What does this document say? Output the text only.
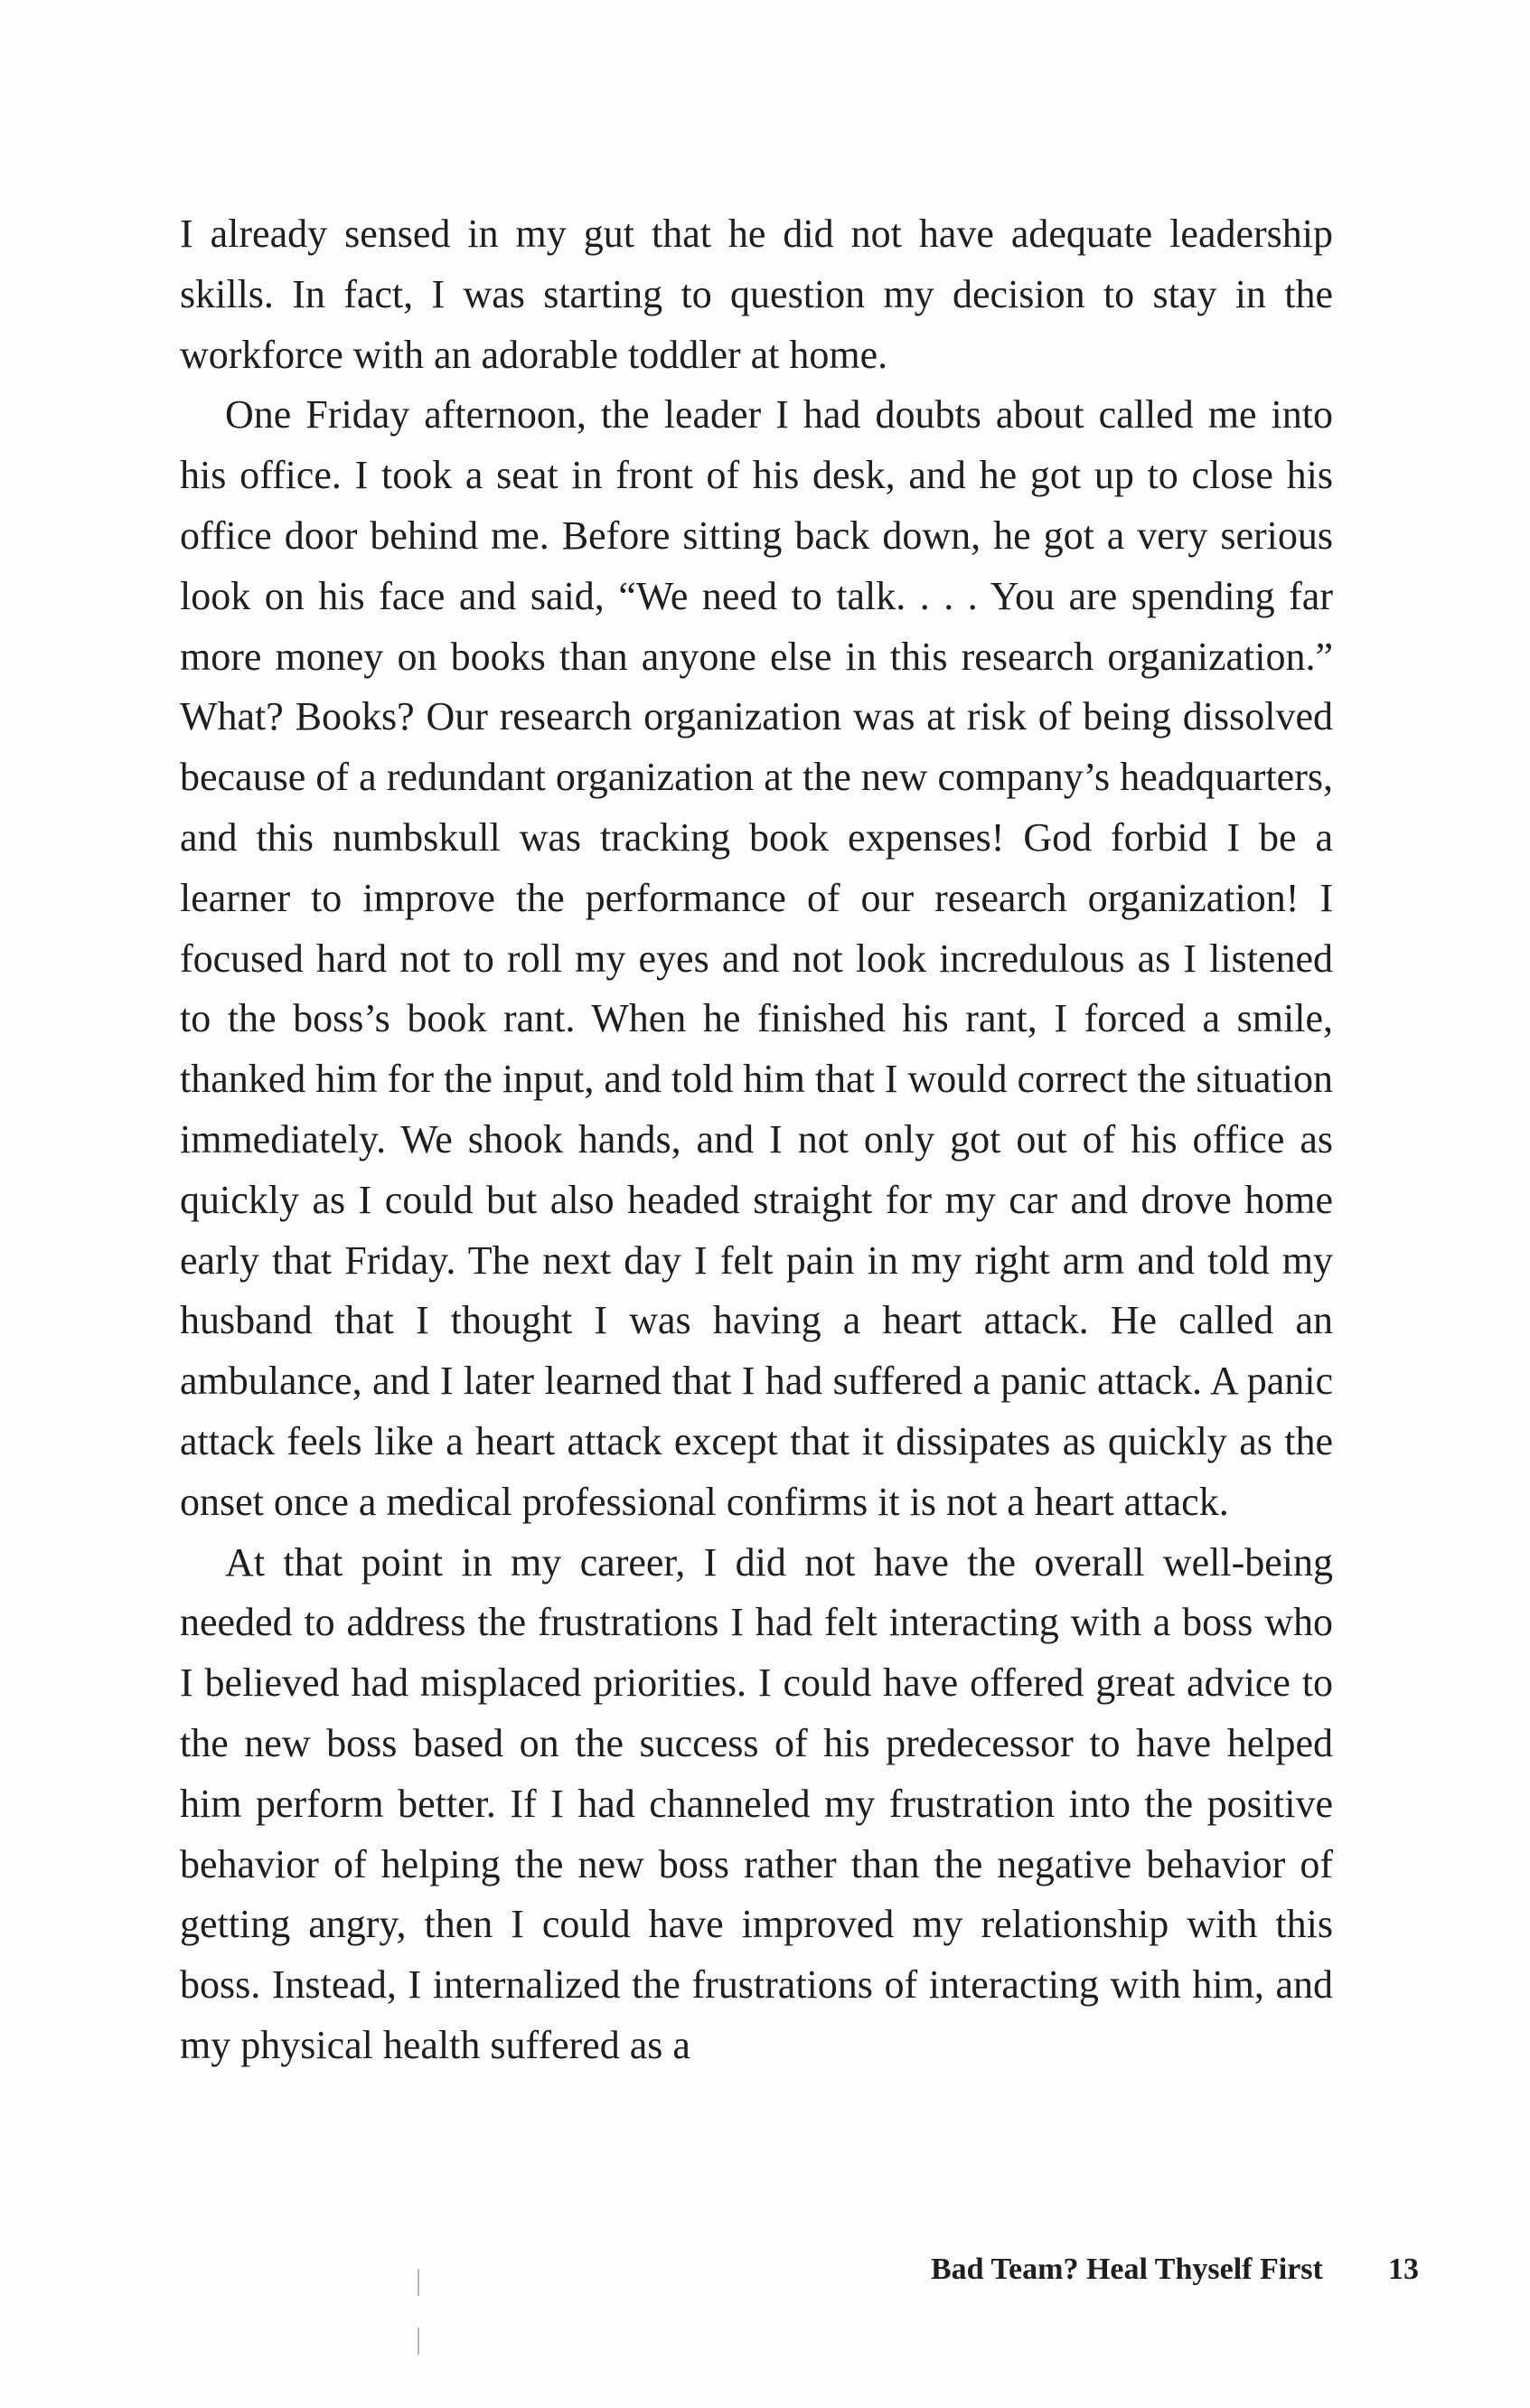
I already sensed in my gut that he did not have adequate leadership skills. In fact, I was starting to question my decision to stay in the workforce with an adorable toddler at home.

One Friday afternoon, the leader I had doubts about called me into his office. I took a seat in front of his desk, and he got up to close his office door behind me. Before sitting back down, he got a very serious look on his face and said, “We need to talk. . . . You are spending far more money on books than anyone else in this research organization.” What? Books? Our research organization was at risk of being dissolved because of a redundant organization at the new company’s headquarters, and this numbskull was tracking book expenses! God forbid I be a learner to improve the performance of our research organization! I focused hard not to roll my eyes and not look incredulous as I listened to the boss’s book rant. When he finished his rant, I forced a smile, thanked him for the input, and told him that I would correct the situation immediately. We shook hands, and I not only got out of his office as quickly as I could but also headed straight for my car and drove home early that Friday. The next day I felt pain in my right arm and told my husband that I thought I was having a heart attack. He called an ambulance, and I later learned that I had suffered a panic attack. A panic attack feels like a heart attack except that it dissipates as quickly as the onset once a medical professional confirms it is not a heart attack.

At that point in my career, I did not have the overall well-being needed to address the frustrations I had felt interacting with a boss who I believed had misplaced priorities. I could have offered great advice to the new boss based on the success of his predecessor to have helped him perform better. If I had channeled my frustration into the positive behavior of helping the new boss rather than the negative behavior of getting angry, then I could have improved my relationship with this boss. Instead, I internalized the frustrations of interacting with him, and my physical health suffered as a

Bad Team? Heal Thyself First 13
